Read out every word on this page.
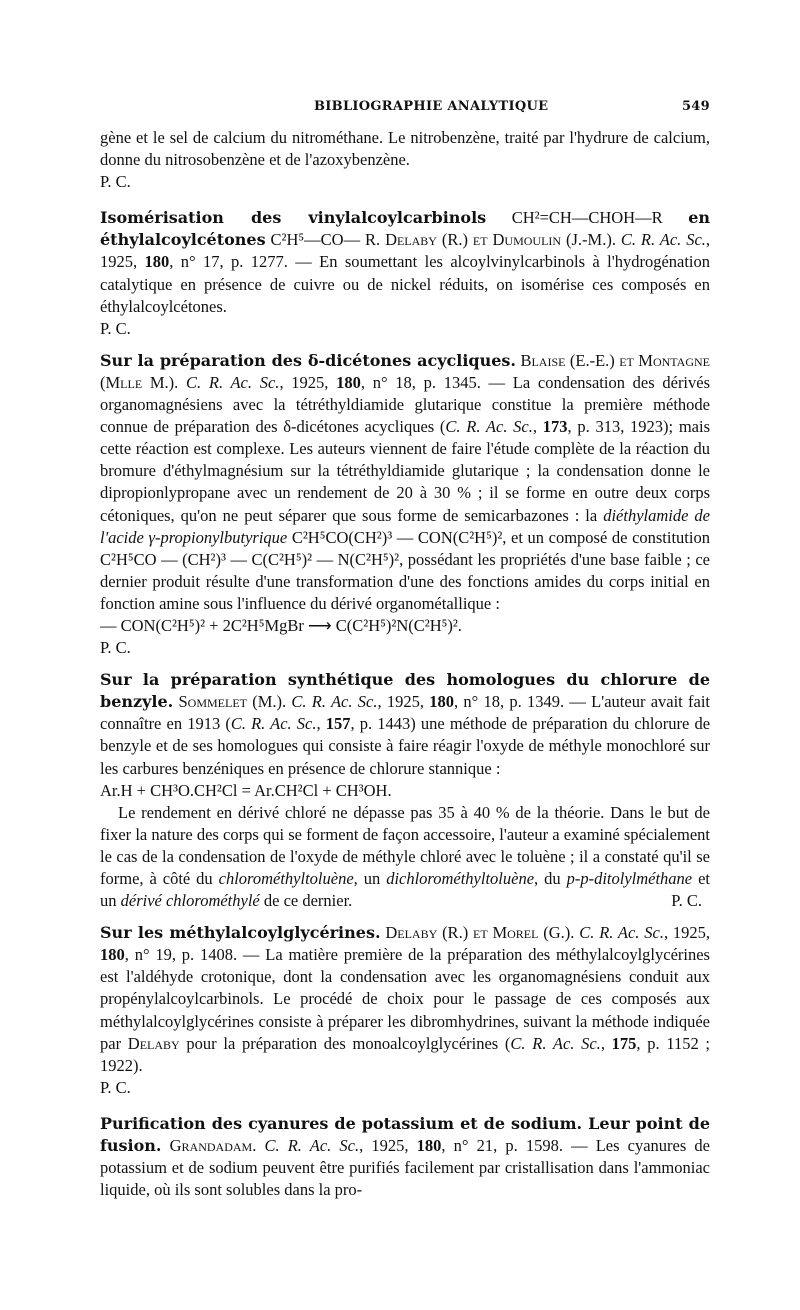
BIBLIOGRAPHIE ANALYTIQUE	549

gène et le sel de calcium du nitrométhane. Le nitrobenzène, traité par l'hydrure de calcium, donne du nitrosobenzène et de l'azoxybenzène.

P. C.

Isomérisation des vinylalcoylcarbinols CH²=CH—CHOH—R en éthylalcoylcétones C²H⁵—CO— R. Delaby (R.) et Dumoulin (J.-M.). C. R. Ac. Sc., 1925, 180, n° 17, p. 1277. — En soumettant les alcoylvinylcarbinols à l'hydrogénation catalytique en présence de cuivre ou de nickel réduits, on isomérise ces composés en éthylalcoylcétones.

P. C.

Sur la préparation des δ-dicétones acycliques. Blaise (E.-E.) et Montagne (Mlle M.). C. R. Ac. Sc., 1925, 180, n° 18, p. 1345. — La condensation des dérivés organomagnésiens avec la tétréthyldiamide glutarique constitue la première méthode connue de préparation des δ-dicétones acycliques (C. R. Ac. Sc., 173, p. 313, 1923); mais cette réaction est complexe. Les auteurs viennent de faire l'étude complète de la réaction du bromure d'éthylmagnésium sur la tétréthyldiamide glutarique ; la condensation donne le dipropionlypropane avec un rendement de 20 à 30 % ; il se forme en outre deux corps cétoniques, qu'on ne peut séparer que sous forme de semicarbazones : la diéthylamide de l'acide γ-propionylbutyrique C²H⁵CO(CH²)³ — CON(C²H⁵)², et un composé de constitution C²H⁵CO — (CH²)³ — C(C²H⁵)² — N(C²H⁵)², possédant les propriétés d'une base faible ; ce dernier produit résulte d'une transformation d'une des fonctions amides du corps initial en fonction amine sous l'influence du dérivé organométallique :

— CON(C²H⁵)² + 2C²H⁵MgBr ⟶ C(C²H⁵)²N(C²H⁵)².

P. C.

Sur la préparation synthétique des homologues du chlorure de benzyle. Sommelet (M.). C. R. Ac. Sc., 1925, 180, n° 18, p. 1349. — L'auteur avait fait connaître en 1913 (C. R. Ac. Sc., 157, p. 1443) une méthode de préparation du chlorure de benzyle et de ses homologues qui consiste à faire réagir l'oxyde de méthyle monochloré sur les carbures benzéniques en présence de chlorure stannique :

Ar.H + CH³O.CH²Cl = Ar.CH²Cl + CH³OH.

Le rendement en dérivé chloré ne dépasse pas 35 à 40 % de la théorie. Dans le but de fixer la nature des corps qui se forment de façon accessoire, l'auteur a examiné spécialement le cas de la condensation de l'oxyde de méthyle chloré avec le toluène ; il a constaté qu'il se forme, à côté du chlorométhyltoluène, un dichlorométhyltoluène, du p-p-ditolylméthane et un dérivé chlorométhylé de ce dernier.	P. C.

Sur les méthylalcoylglycérines. Delaby (R.) et Morel (G.). C. R. Ac. Sc., 1925, 180, n° 19, p. 1408. — La matière première de la préparation des méthylalcoylglycérines est l'aldéhyde crotonique, dont la condensation avec les organomagnésiens conduit aux propénylalcoylcarbinols. Le procédé de choix pour le passage de ces composés aux méthylalcoylglycérines consiste à préparer les dibromhydrines, suivant la méthode indiquée par Delaby pour la préparation des monoalcoylglycérines (C. R. Ac. Sc., 175, p. 1152 ; 1922).

P. C.

Purification des cyanures de potassium et de sodium. Leur point de fusion. Grandadam. C. R. Ac. Sc., 1925, 180, n° 21, p. 1598. — Les cyanures de potassium et de sodium peuvent être purifiés facilement par cristallisation dans l'ammoniac liquide, où ils sont solubles dans la pro-
